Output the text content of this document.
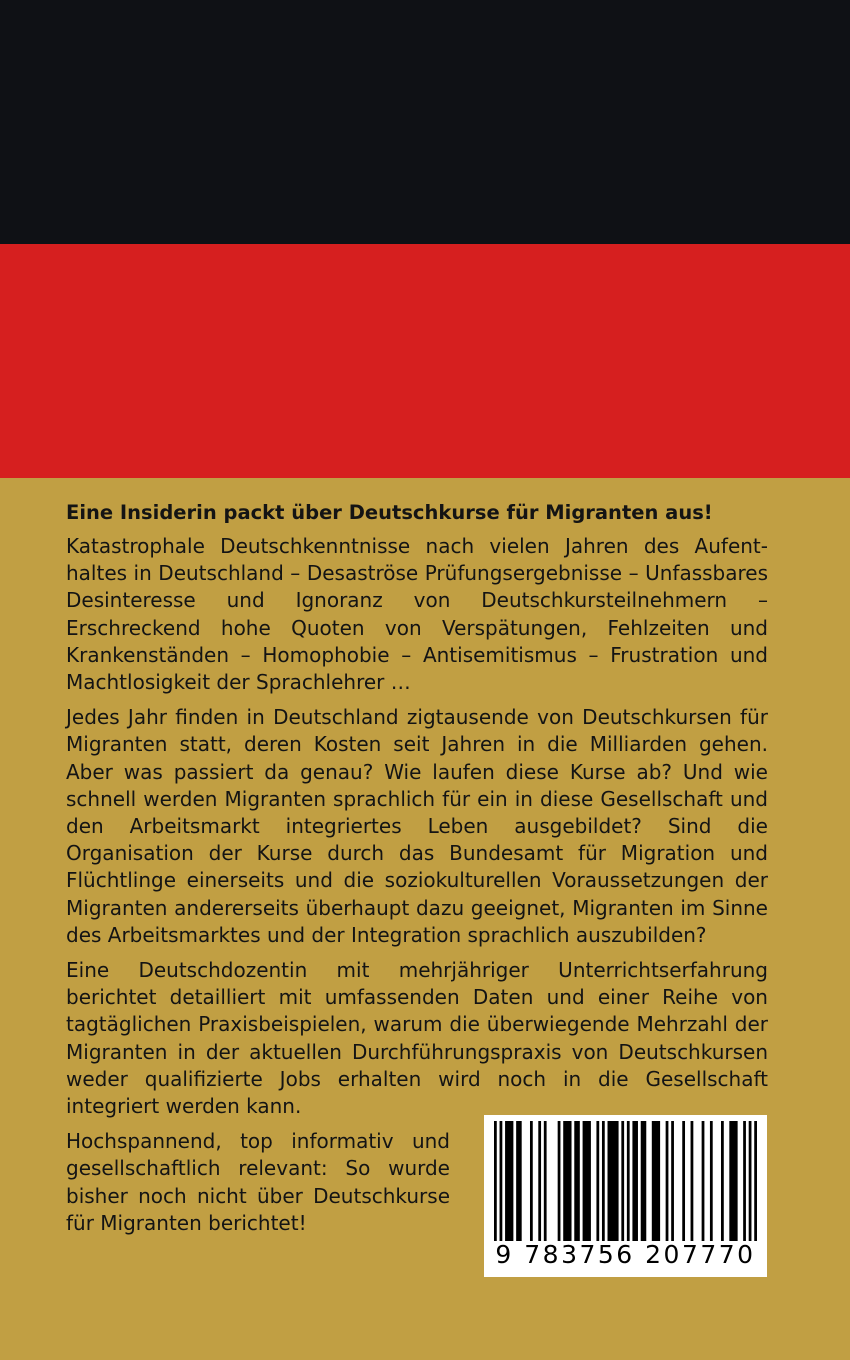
Eine Insiderin packt über Deutschkurse für Migranten aus!

Katastrophale Deutschkenntnisse nach vielen Jahren des Aufenthaltes in Deutschland – Desaströse Prüfungsergebnisse – Unfassbares Desinteresse und Ignoranz von Deutschkursteilnehmern – Erschreckend hohe Quoten von Verspätungen, Fehlzeiten und Krankenständen – Homophobie – Antisemitismus – Frustration und Machtlosigkeit der Sprachlehrer …

Jedes Jahr finden in Deutschland zigtausende von Deutschkursen für Migranten statt, deren Kosten seit Jahren in die Milliarden gehen. Aber was passiert da genau? Wie laufen diese Kurse ab? Und wie schnell werden Migranten sprachlich für ein in diese Gesellschaft und den Arbeitsmarkt integriertes Leben ausgebildet? Sind die Organisation der Kurse durch das Bundesamt für Migration und Flüchtlinge einerseits und die soziokulturellen Voraussetzungen der Migranten andererseits überhaupt dazu geeignet, Migranten im Sinne des Arbeitsmarktes und der Integration sprachlich auszubilden?

Eine Deutschdozentin mit mehrjähriger Unterrichtserfahrung berichtet detailliert mit umfassenden Daten und einer Reihe von tagtäglichen Praxisbeispielen, warum die überwiegende Mehrzahl der Migranten in der aktuellen Durchführungspraxis von Deutschkursen weder qualifizierte Jobs erhalten wird noch in die Gesellschaft integriert werden kann.

Hochspannend, top informativ und gesellschaftlich relevant: So wurde bisher noch nicht über Deutschkurse für Migranten berichtet!

9 783756 207770
